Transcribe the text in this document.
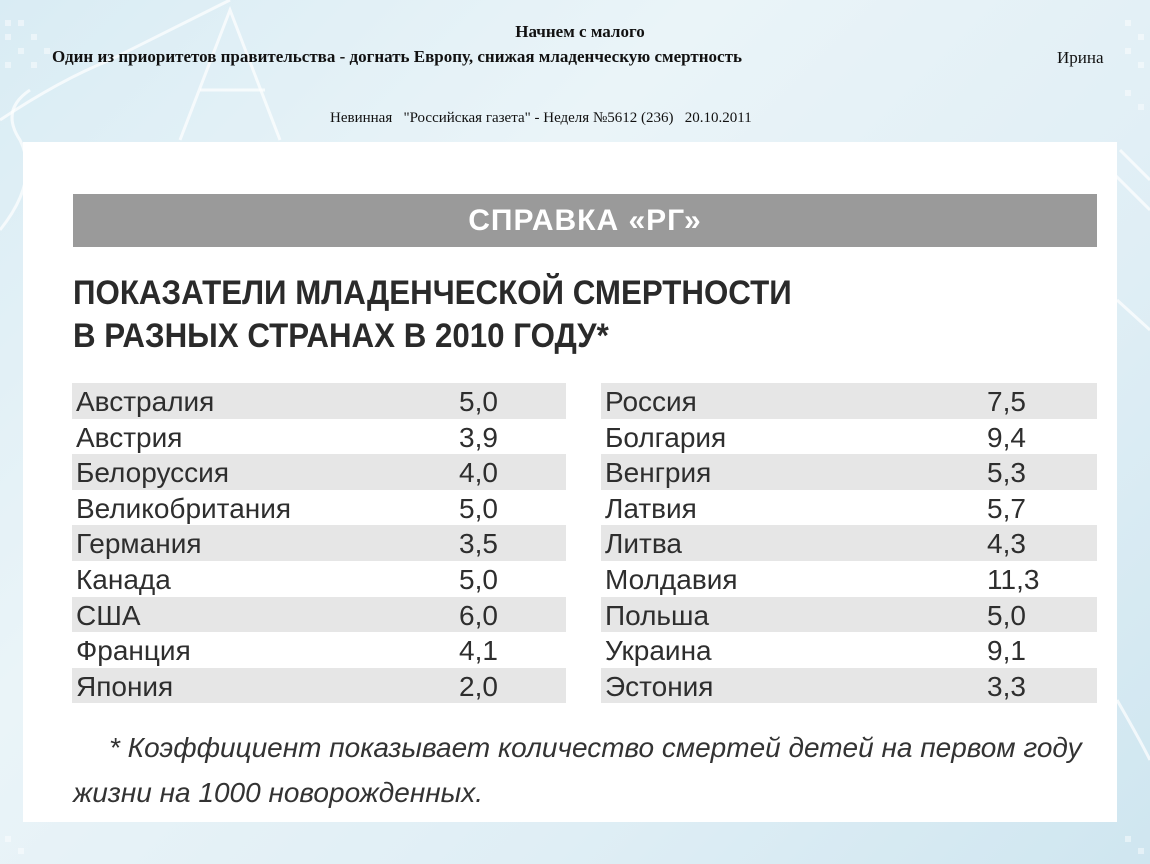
Начнем с малого
Один из приоритетов правительства - догнать Европу, снижая младенческую смертность	Ирина
Невинная   "Российская газета" - Неделя №5612 (236)   20.10.2011
СПРАВКА «РГ»
ПОКАЗАТЕЛИ МЛАДЕНЧЕСКОЙ СМЕРТНОСТИ
В РАЗНЫХ СТРАНАХ В 2010 ГОДУ*
Австралия	5,0
Австрия	3,9
Белоруссия	4,0
Великобритания	5,0
Германия	3,5
Канада	5,0
США	6,0
Франция	4,1
Япония	2,0
Россия	7,5
Болгария	9,4
Венгрия	5,3
Латвия	5,7
Литва	4,3
Молдавия	11,3
Польша	5,0
Украина	9,1
Эстония	3,3
* Коэффициент показывает количество смертей детей на первом году жизни на 1000 новорожденных.
